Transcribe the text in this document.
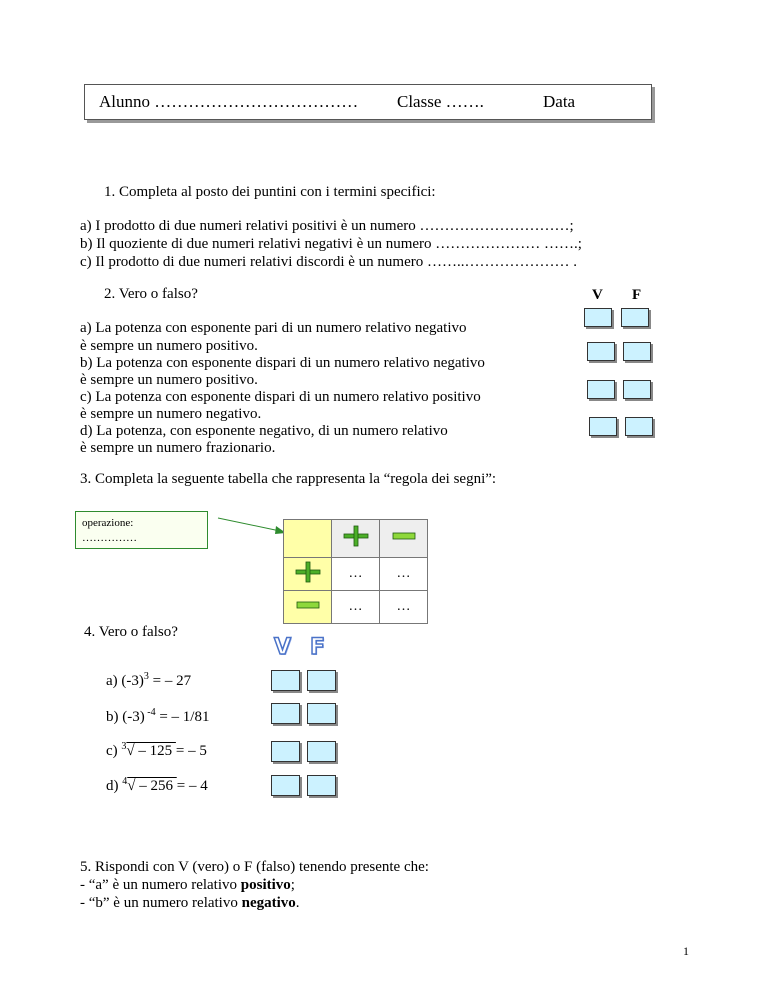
Alunno ……………………………… Classe …….	Data
1. Completa al posto dei puntini con i termini specifici:
a) I prodotto di due numeri relativi positivi è un numero …………………………;
b) Il quoziente di due numeri relativi negativi è un numero ………………… …….;
c) Il prodotto di due numeri relativi discordi è un numero ……..………………… .
2. Vero o falso?	V F
a) La potenza con esponente pari di un numero relativo negativo
è sempre un numero positivo.
b) La potenza con esponente dispari di un numero relativo negativo
è sempre un numero positivo.
c) La potenza con esponente dispari di un numero relativo positivo
è sempre un numero negativo.
d) La potenza, con esponente negativo, di un numero relativo
è sempre un numero frazionario.
3. Completa la seguente tabella che rappresenta la “regola dei segni”:
operazione:
……………

	…	…
	…	…
4. Vero o falso?
V F
a) $(-3)^3$ = – 27
b) (-3) $^{-4}$ = – 1/81
c) $^3$√ – 125 = – 5
d) $^4$√ – 256 = – 4
5. Rispondi con V (vero) o F (falso) tenendo presente che:
- “a” è un numero relativo positivo;
- “b” è un numero relativo negativo.
1
